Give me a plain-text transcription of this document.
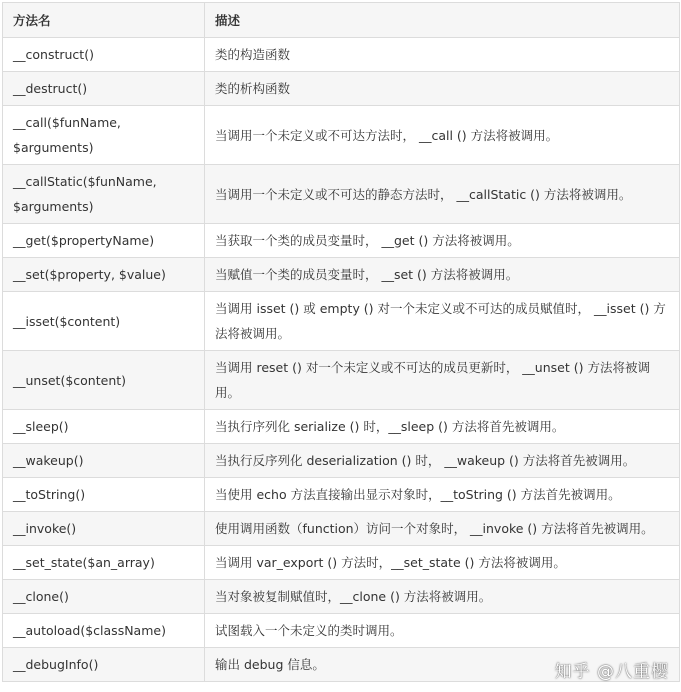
方法名	描述
__construct()	类的构造函数
__destruct()	类的析构函数
__call($funName, $arguments)	当调用一个未定义或不可达方法时， __call () 方法将被调用。
__callStatic($funName, $arguments)	当调用一个未定义或不可达的静态方法时， __callStatic () 方法将被调用。
__get($propertyName)	当获取一个类的成员变量时， __get () 方法将被调用。
__set($property, $value)	当赋值一个类的成员变量时， __set () 方法将被调用。
__isset($content)	当调用 isset () 或 empty () 对一个未定义或不可达的成员赋值时， __isset () 方法将被调用。
__unset($content)	当调用 reset () 对一个未定义或不可达的成员更新时， __unset () 方法将被调用。
__sleep()	当执行序列化 serialize () 时，__sleep () 方法将首先被调用。
__wakeup()	当执行反序列化 deserialization () 时， __wakeup () 方法将首先被调用。
__toString()	当使用 echo 方法直接输出显示对象时，__toString () 方法首先被调用。
__invoke()	使用调用函数（function）访问一个对象时， __invoke () 方法将首先被调用。
__set_state($an_array)	当调用 var_export () 方法时，__set_state () 方法将被调用。
__clone()	当对象被复制赋值时，__clone () 方法将被调用。
__autoload($className)	试图载入一个未定义的类时调用。
__debugInfo()	输出 debug 信息。	知乎 @八重樱
